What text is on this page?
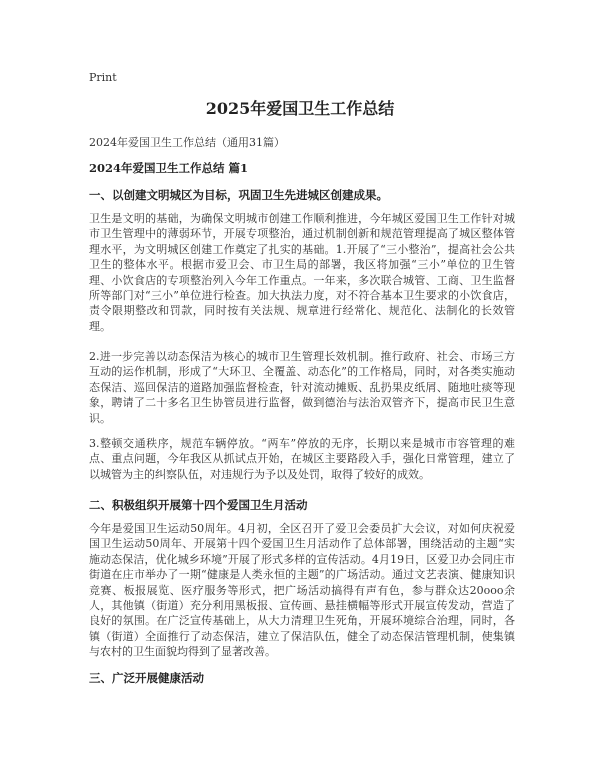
Print
2025年爱国卫生工作总结
2024年爱国卫生工作总结（通用31篇）
2024年爱国卫生工作总结 篇1
一、以创建文明城区为目标，巩固卫生先进城区创建成果。
卫生是文明的基础，为确保文明城市创建工作顺利推进，今年城区爱国卫生工作针对城市卫生管理中的薄弱环节，开展专项整治，通过机制创新和规范管理提高了城区整体管理水平，为文明城区创建工作奠定了扎实的基础。1.开展了“三小整治”，提高社会公共卫生的整体水平。根据市爱卫会、市卫生局的部署，我区将加强“三小”单位的卫生管理、小饮食店的专项整治列入今年工作重点。一年来，多次联合城管、工商、卫生监督所等部门对“三小”单位进行检查。加大执法力度，对不符合基本卫生要求的小饮食店，责令限期整改和罚款，同时按有关法规、规章进行经常化、规范化、法制化的长效管理。
2.进一步完善以动态保洁为核心的城市卫生管理长效机制。推行政府、社会、市场三方互动的运作机制，形成了“大环卫、全覆盖、动态化”的工作格局，同时，对各类实施动态保洁、巡回保洁的道路加强监督检查，针对流动摊贩、乱扔果皮纸屑、随地吐痰等现象，聘请了二十多名卫生协管员进行监督，做到德治与法治双管齐下，提高市民卫生意识。
3.整顿交通秩序，规范车辆停放。“两车”停放的无序，长期以来是城市市容管理的难点、重点问题，今年我区从抓试点开始，在城区主要路段入手，强化日常管理，建立了以城管为主的纠察队伍，对违规行为予以及处罚，取得了较好的成效。
二、积极组织开展第十四个爱国卫生月活动
今年是爱国卫生运动50周年。4月初，全区召开了爱卫会委员扩大会议，对如何庆祝爱国卫生运动50周年、开展第十四个爱国卫生月活动作了总体部署，围绕活动的主题“实施动态保洁，优化城乡环境”开展了形式多样的宣传活动。4月19日，区爱卫办会同庄市街道在庄市举办了一期“健康是人类永恒的主题”的广场活动。通过文艺表演、健康知识竞赛、板报展览、医疗服务等形式，把广场活动搞得有声有色，参与群众达20ooo余人，其他镇（街道）充分利用黑板报、宣传画、悬挂横幅等形式开展宣传发动，营造了良好的氛围。在广泛宣传基础上，从大力清理卫生死角，开展环境综合治理，同时，各镇（街道）全面推行了动态保洁，建立了保洁队伍，健全了动态保洁管理机制，使集镇与农村的卫生面貌均得到了显著改善。
三、广泛开展健康活动
